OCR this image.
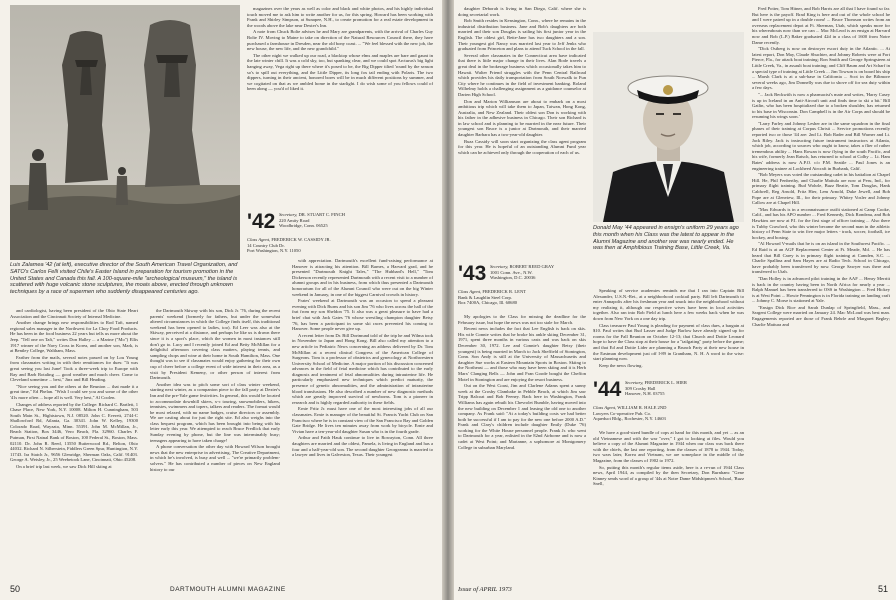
Luis Zalamea '42 (at left), executive director of the South American Travel Organization, and SATO's Carlos Felli visited Chile's Easter Island in preparation for tourism promotion in the United States and Canada this fall. A 100-square-mile "archeological museum," the island is scattered with huge volcanic stone sculptures, the moais above, erected through unknown techniques by a race of supermen who suddenly disappeared centuries ago.

magazines over the years as well as color and black and white photos, and his highly individual touch moved me to ask him to write another for us, for this spring. Howard has been working with Frank and Shirley Simpson, at Sunapee, N.H., to create promotion for a real estate development in the woods above the lake near Dexter's Inn.

A note from Chuck Bolte advises he and Mary are grandparents, with the arrival of Charles Guy Bolte IV. Moving to Maine to take on direction of the Natural Resources Council there, they have purchased a farmhouse in Dresden, near the old bony coast. ... "We feel blessed with the new job, the new house, the new life, and the new grandchild."

The other night we walked up our road, a blacktop whose elms and maples are bare and gaunt in the late winter chill. It was a cold sky, too, but spanking clear, and we could spot Arcturus's big light hanging away, Vega right up there where it's posed to be, the Big Dipper tilted 'round by the season so's to spill out everything, and the Little Dipper, its long fox tail ending with Polaris. The two dippers, turning in their ancient, honored bores will be in much different positions by summer, and we cogitated on that as we ambled home in the starlight. I do wish some of you fellows could of been along — you'd of liked it.

'42 Secretary, DR. STUART C. FINCH
220 Amity Road
Woodbridge, Conn. 06525
Class Agent, FREDERICK W. CASSIDY JR.
14 Country Club Dr.
Port Washington, N.Y. 11050

and cardiologist, having been president of the Ohio State Heart Association and the Cincinnati Society of Internal Medicine.

Another change brings new responsibilities to Rod Taft, named regional sales manager in the Northwest for La Choy Food Products. He has been in the food business 22 years but tells us more about the Jeep. "Tell one on Taft," writes Don Halley ... a Marine ("Mo") Ellis 1917 winner of the Navy Cross in Korea, and another son, Mark, is at Bentley College, Waltham, Mass.

Farther from the mails, several notes passed on by Lou Young from classmates writing in with their remittances for dues: "It was great seeing you last June! Took a three-week trip to Europe with Ray and Barb Rotaling — good weather and much cheer. Come to Cleveland sometime ... best," Jinx and Bill Heading.

"Nice seeing you and the others at the Reunion ... that made it a great time," Ed Phelan. "Wish I could see you and some of the other '41s more often ... hope all is well. Very best," Al Coolen.

Changes of address reported by the College: Richard C. Bartlett, 1 Chase Place, New York, N.Y. 10008. Milton H. Cunningham, 503 South Main St., Hightstown, N.J. 08520. John C. Everett, 2744-C Shallowford Rd, Atlanta, Ga. 30341. John W. Kelley, 19300 Colorado Road, Wayzata, Minn. 55391. John M. McMillan, Jr., Beach Station, Box 3446, Vero Beach, Fla. 32960. Charles F. Putman, First Natnal Bank of Boston, 100 Federal St., Boston, Mass. 02110. Dr. John R. Reed, 13550 Butterwood Rd., Belton, Ohio 44032. Richard N. Silberstein, Fiddlers Green Spur, Huntington, N.Y. 11743. Ira Statch Jr., 9656 Glenridge, Sherman Oaks, Calif. 91403. George A. Weisley, Jr., 25 Weebetook Lane, Cincinnati, Ohio 45208.

On a brief trip last week, we saw Dick Hill skiing at

the Dartmouth Skiway with his son, Dick Jr. '76, during the recent parents' weekend (formerly for fathers, but under the somewhat altered circumstances in which the College finds itself, this traditional weekend has been opened to ladies, too). Ed Leer was also at the Skiway, perceived at a distance, and perhaps he like us is drawn there since it is a sport's place, which the women in most instances still don't go to. Lucy and I recently joined Ed and Betty McMillan for a delightful afternoon covering class matters, playing tennis, and sampling chops and wine at their home in South Hamilton, Mass. One thought was to see if classmates would enjoy gathering for their own cup of cheer before a college event of wide interest in their area, as a visit by President Kemeny, or other person of interest from Dartmouth.

Another idea was to pitch some sort of class winter weekend, starting next winter, as a companion piece to the fall party at Dexter's Inn and the pre-Yale game festivities. In general, this would be located to accommodate downhill skiers, x-c touring, snowmobilers, hikers, tennistes, swimmers and topers, talkers and readers. The format would be most relaxed, with no name badges, cruise directors or assembly. We are casting about for just the right site. Ed also weighs into the class bequest program, which has been brought into being with his letter early this year. We attempted to reach Bruce Fredlick that early Sunday evening by phone, but the line was interminably busy; teenagers appearing to have taken charge!

A phone conversation the other day with Howard Wilson brought news that the new enterprise in advertising, The Creative Department, in which he's involved, is busy and well ... "we're primarily problem-solvers." He has contributed a number of pieces on New England history to our

with appreciation. Dartmouth's excellent fund-raising performance at Hanover is attracting his attention. Bill Barnes, a Harvard grad, and he presented "Dartmouth Knight Tales," "The Hubbard's Hell," "Tom Dickerson recently represented Dartmouth with a recent visit to a number of alumni groups and in his business, from which thus presented a Dartmouth honorarium for all of the Alumni Council who were out on the big Winter weekend in January, in one of the biggest Carnival crowds in history.

Frates' weekend at Dartmouth was an occasion to spend a pleasant evening with Dick Burns and his son Jim '76 who lives across the hall of the frat from my son Sheldon '75. It also was a great pleasure to have had a brief chat with Jack Gates '76 whose wrestling champion daughter Betsy '76, has been a participant in some ski races prevented his coming to Hanover. Some people never give up.

A recent letter from Dr. Bill Dortmund told of the trip he and Wilma took in November to Japan and Hong Kong. Bill also called my attention to a new article in Pediatric News concerning an address delivered by Dr. Tom McMillan at a recent clinical Congress of the American College of Surgeons. Tom is a professor of obstetrics and gynecology at Northwestern University School of Medicine. A major portion of his discussion concerned advances in the field of fetal medicine which has contributed to the early diagnosis and treatment of fetal abnormalities during intrauterine life. He particularly emphasized new techniques which predict maturity, the presence of genetic abnormalities, and the administration of intrauterine blood transfusions. He also described a number of new diagnostic methods which are greatly improved survival of newborns. Tom is a pioneer in research and is highly regarded authority in these fields.

Ernie Fritz Jr. must have one of the most interesting jobs of all our classmates. Ernie is manager of the beautiful St. Francis Yacht Club on San Francisco where he is in constant view of the San Francisco Bay and Golden Gate Bridge. He lives ten minutes away from work by bicycle. Ernie and Vivian have a ten-year-old daughter Susan who is in the fourth grade.

Arthur and Faith Hauk continue to live in Rowayton, Conn. All three daughters are married and the oldest, Pamela, is living in England and has a four and a half-year-old son. The second daughter Georgeanna is married to a lawyer and lives in Galveston, Texas. Their youngest

50	DARTMOUTH ALUMNI MAGAZINE

daughter Deborah is living in San Diego, Calif. where she is doing secretarial work.

Bob Smith resides in Kensington, Conn., where he remains in the industrial distribution business. Jane and Bob's daughters are both married and their son Douglas is sailing his first junior year in the English. The oldest girl, Bette-Jane has two daughters and a son. Their youngest girl Nancy was married last year to Jeff Jenks who graduated from Princeton and plans to attend Tuck School in the fall.

Several other classmates in the Connecticut area have indicated that there is little major change in their lives. Alan Bode travels a great deal in the brokerage business which occasionally takes him to Hawaii. Walter Friend struggles with the Penn Central Railroad which provides his daily transportation from South Norwalk to Fun City where he continues in the field of investment banking. Roland Wilhelmy holds a challenging assignment as a guidance counselor at Darien High School.

Don and Marion Williamson are about to embark on a most ambitious trip which will take them to Japan, Taiwan, Hong Kong, Australia, and New Zealand. Their oldest son Don is working with his father in the adhesive business in Chicago. Their son Richard is in law school and is planning to be married in the near future. Their youngest son Bruce is a junior at Dartmouth, and their married daughter Barbara has a two-year-old daughter.

Buzz Cassidy will soon start organizing the class agent program for this year. He is hopeful of an outstanding Alumni Fund year which can be achieved only through the cooperation of each of us.

'43 Secretary, ROBERT REED GRAY
1001 Conn. Ave., N.W.
Washington, D.C. 20036
Class Agent, FREDERICK R. LENT
Bank & Laughlin Steel Corp.
Box 7400A, Chicago, Ill. 60680

My apologies to the Class for missing the deadline for the February issue, but hope the news was not too stale for March.

Recent news includes the fact that Lee English is back on skis. His wife Connie writes that he broke his ankle skiing December 31, 1971, spent three months in various casts and was back on skis December 30, 1972. Lee and Connie's daughter Betsy (their youngest) is being married in March to Jack Sheffield of Stonington, Conn. Son Andy is still at the University of Massachusetts and daughter Sue works at Eastern Mountain Sports in Boston. Skiing to the Northeast — and those who may have been skiing and it is Herb Marx' Clanging Bells — John and Fran Goode bought the Cheffon Motel in Stonington and are enjoying the resort business.

Out on the West Coast, Jim and Clarlene Adams spent a sunny week at the Crosby Clambake in Pebble Beach, at which Jim saw Tripp Balcoat and Bob Feeney. Back here in Washington, Frank Williams has again rebuilt his Chevrolet Bumble, having moved into the new building on December 1 and leasing the old one to another company. As Frank said: "At a today's building costs we had better both be successful if I am to pay for the new one before 2000 A.D." Frank and Clary's children include daughter Emily (Duke '76) working for the White House personnel people. Frank Jr. who went to Dartmouth for a year, enlisted in the 82nd Airborne and is now a cadet at West Point; and Marianne, a sophomore at Montgomery College in suburban Maryland.

Donald May '44 appeared in ensign's uniform 29 years ago this month when his Class was the latest to appear in the Alumni Magazine and another war was nearly ended. He was then at Amphibious Training Base, Little Creek, Va.

Speaking of service academies reminds me that I ran into Captain Bill Alexander, U.S.N.-Ret., at a neighborhood cocktail party. Bill left Dartmouth to enter Annapolis after his freshman year and snuck into the neighborhood without my realizing it, although our respective wives have been in local activities together. Also ran into Bob Field at lunch here a few weeks back when he was down from New York on a one day trip.

Class treasurer Paul Young is pleading for payment of class dues, a bargain at $10. Paul writes that Bud Lasser and Judge Barlow have already signed up for rooms for the Fall Reunion on October 12-13; that Church and Dottie Leonard hope to have the Class stop at their house for a "tailgating" party before the game; and that Ed and Dottie Lider are planning a Brunch Party at their new house in the Eastman development just off I-89 in Grantham, N. H. A word to the wise: start planning now.

Keep the news flowing.

'44 Secretary, FREDERICK L. HIER
309 Crosby Hall
Hanover, N.H. 03755
Class Agent, WILLIAM R. HALE 2ND
Lawyers Co-operative Pub. Co.
Aqueduct Bldg., Rochester, N.Y. 14603

We have a good-sized bundle of cops at hand for this month, and yet ... as an old Vietnamese and with the war "over," I got to looking at files. Would you believe a copy of the Alumni Magazine in 1944 when our class was back there with the chiefs, the last one reporting, from the classes of 1878 to 1944. Today, two wars later, Korea and Vietnam, we are someplace in the middle of the Magazine, from the classes of 1902 to 1972.

So, putting this month's regular items aside, here is a re-run of 1944 Class news, April 1944, as compiled by the then Secretary, Don Burnham: "Gene Kinney sends word of a group of '44s at Notre Dame Midshipmen's School, 'Buzz Snell,

Fred Potter, Tom Hitner, and Bob Harris are all that I have found so far. But here is the payoff. Brad King is here and out of the whole school he and I were paired up in a double room! ... Bruce Thomson writes from an overseas replacement depot at Ft. Sherman, Utah, which speaks more for his whereabouts now than we can ... Mac McLeod is an ensign at Harvard now and Bob (L.P.) Baker graduated 42d in a class of 1600 from Notre Dame recently.

"Dick Ostberg is now on destroyer escort duty in the Atlantic. ... At latest report, Don May, Claude Shuchter, and Johnny Roberts were at Fort Pierce, Fla., for attack boat training; Ron Smith and George Springsteen at Little Creek, Va., in assault boat training; and Cliff Baum and Art Scharf in a special type of training at Little Creek ... Jim Towson is on board his ship ... Marsh Clark is at a sub-base in California ... Scot in the Biltmore several weeks ago, Jim Donnelly was due to shove off for sea duty within a few days.

"... Jack Beckwith is now a pharmacist's mate and writes, 'Harry Casey is up in Iceland in an Anti-Aircraft unit and finds time to ski a bit.' Bill Gatlin, who has been hospitalized due to a broken shoulder, has returned to his base in Wisconsin. Don Campbell is in the Air Corps and should be resuming his wings soon.'

"Larry Farley and Johnny Lesher are in the same squadron in the final phases of their training at Corpus Christi ... Service promotions recently reported two or those '44 are: 2nd Lt. Bob Rader and Bill Warner and Lt. Jack Riley. Jack is instructing future instrument instructors at Atlanta, which job, according to sources who ought to know, takes a flier of rather tremendous ability ... Hans Rowan is now flying in the south Pacific, and his wife, formerly Jean Ratsch, has returned to school at Colby ... Lt. Ham Bates' address is now A.P.O. c/o P.M. Seattle ... Paul Jones is an engineering trainee at Lockheed Aircraft in Burbank, Calif.

"Bob Meyers was voted the outstanding cadet in his battalion at Chapel Hill. He, Phil Fenberthy, and Charlie Mattula are now at Peru, Ind., for primary flight training. Bud Wohrle, Buzz Beatie, Tom Douglas, Hank Caldwell, Reg Arnold, Fritz Hier, Lem Arnold, Duke Jewell, and Bob Pope are at Glenview, Ill., for their primary. Whitey Vosler and Johnny Callow are at Chapel Hill.

"Max Edwards is in a reconnaissance outfit stationed at Camp Cooke, Calif., and has his APO number ... Fred Kennedy, Dick Rondeau, and Bob Hawkins are now at P.I. for the first stage of officer training ... Also there is Tubby Crawford, who this winter became the second man in the athletic history of Penn State to win five major letters - track, soccer, football, ice hockey, and boxing.

"Al Howard V-mails that he is on an island in the Southwest Pacific. ... Ed Raid is at an AGF Replacement Center at Ft. Meade, Md. ... He has heard that Bill Carey is in primary flight training at Camden, S.C. ... Charlie Spallina and Sam Hayes are at Radio Tech. School in Chicago, have probably been transferred by now. George Sawyer was there and transferred to Utah.

"Dan Holley is in advanced pilot training in the AAF ... Henry Merritt is back in the country having been in North Africa for nearly a year ... Ralph Manuel has been transferred to OSS in Washington ... Fred Hickey is at West Point ... Howie Pennington is in Florida training on landing craft ... Johnny C. Morse is stationed at Yale.

"Ensign Dick Rice and Sarah Dunlap of Springfield, Mass., and Sargent College were married on January 24. Mac McLoud was best man. Engagements reported are those of Frank Behrle and Margaret Begley; Charlie Mattura and

Issue of APRIL 1973	51
